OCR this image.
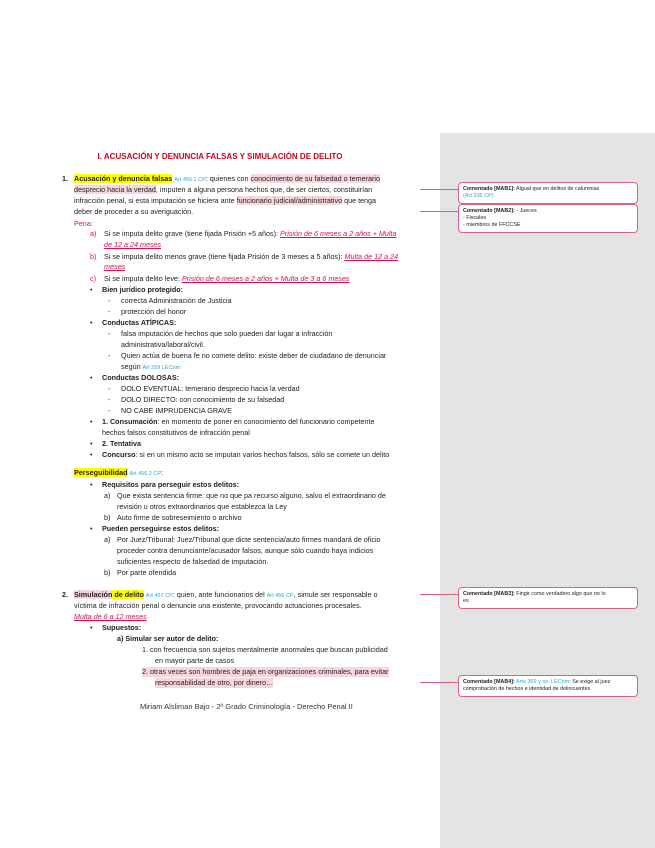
I. ACUSACIÓN Y DENUNCIA FALSAS Y SIMULACIÓN DE DELITO
1. Acusación y denuncia falsas Art 456.1 CP: quienes con conocimiento de su falsedad o temerario
desprecio hacia la verdad, imputen a alguna persona hechos que, de ser ciertos, constituirían
infracción penal, si esta imputación se hiciera ante funcionario judicial/administrativo que tenga
deber de proceder a su averiguación.
Pena:
a) Si se imputa delito grave (tiene fijada Prisión +5 años): Prisión de 6 meses a 2 años + Multa
de 12 a 24 meses
b) Si se imputa delito menos grave (tiene fijada Prisión de 3 meses a 5 años): Multa de 12 a 24
meses
c) Si se imputa delito leve: Prisión de 6 meses a 2 años + Multa de 3 a 6 meses
• Bien jurídico protegido:
- correcta Administración de Justicia
- protección del honor
• Conductas ATÍPICAS:
- falsa imputación de hechos que solo pueden dar lugar a infracción
administrativa/laboral/civil.
- Quien actúa de buena fe no comete delito: existe deber de ciudadano de denunciar
según Art 259 LECrim
• Conductas DOLOSAS:
- DOLO EVENTUAL: temerario desprecio hacia la verdad
- DOLO DIRECTO: con conocimiento de su falsedad
- NO CABE IMPRUDENCIA GRAVE
• 1. Consumación: en momento de poner en conocimiento del funcionario competente
hechos falsos constitutivos de infracción penal
• 2. Tentativa
• Concurso: si en un mismo acto se imputan varios hechos falsos, sólo se comete un delito
Perseguibilidad Art 456.2 CP:
• Requisitos para perseguir estos delitos:
a) Que exista sentencia firme: que no que pa recurso alguno, salvo el extraordinario de
revisión u otros extraordinarios que establezca la Ley
b) Auto firme de sobreseimiento o archivo
• Pueden perseguirse estos delitos:
a) Por Juez/Tribunal: Juez/Tribunal que dicte sentencia/auto firmes mandará de oficio
proceder contra denunciante/acusador falsos, aunque sólo cuando haya indicios
suficientes respecto de falsedad de imputación.
b) Por parte ofendida
2. Simulación de delito Art 457 CP: quien, ante funcionarios del Art 456 CP, simule ser responsable o
víctima de infracción penal o denuncie una existente, provocando actuaciones procesales.
Multa de 6 a 12 meses
• Supuestos:
a) Simular ser autor de delito:
1. con frecuencia son sujetos mentalmente anormales que buscan publicidad
en mayor parte de casos
2. otras veces son hombres de paja en organizaciones criminales, para evitar
responsabilidad de otro, por dinero…
Miriam Alsliman Bajo - 2º Grado Criminología - Derecho Penal II
Comentado [MAB1]: Algual que en delitos de calumnias
(Art 205 CP)
Comentado [MAB2]: - Jueces
- Fiscales
- miembros de FFCCSE
Comentado [MAB3]: Fingir como verdadero algo que no lo
es
Comentado [MAB4]: Arts 369 y ss. LECrim: Se exige al juez
comprobación de hechos e identidad de delincuentes
